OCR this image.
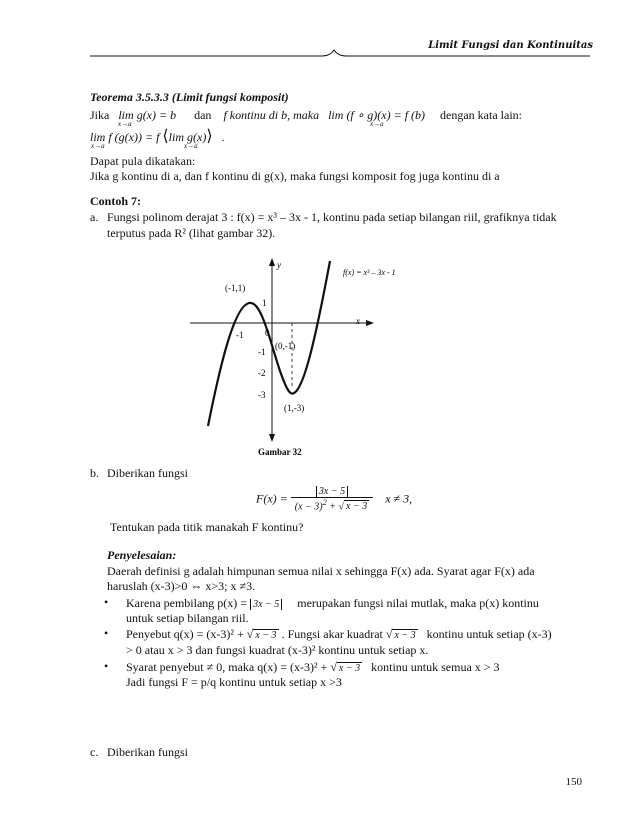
Limit Fungsi dan Kontinuitas
Teorema 3.5.3.3 (Limit fungsi komposit)
Jika lim g(x) = b dan f kontinu di b, maka lim (f ∘ g)(x) = f (b) dengan kata lain:
x→a	x→a
lim f (g(x)) = f ⟨lim g(x)⟩   .
x→a	x→a
Dapat pula dikatakan:
Jika g kontinu di a, dan f kontinu di g(x), maka fungsi komposit fog juga kontinu di a
Contoh 7:
a. Fungsi polinom derajat 3 : f(x) = x³ – 3x - 1, kontinu pada setiap bilangan riil, grafiknya tidak
terputus pada R² (lihat gambar 32).
y
x
f(x) = x³ – 3x - 1
(-1,1)
(1,-3)
(0,-1)
1
-1 0
-1
-2
-3
Gambar 32
b. Diberikan fungsi
$F(x) = \frac{3x - 5}{(x - 3)^2 + √ x - 3}$ x ≠ 3,
Tentukan pada titik manakah F kontinu?
Penyelesaian:
Daerah definisi g adalah himpunan semua nilai x sehingga F(x) ada. Syarat agar F(x) ada
haruslah (x-3)>0 ⇔ x>3; x ≠3.
• Karena pembilang p(x) = 3x − 5 merupakan fungsi nilai mutlak, maka p(x) kontinu
untuk setiap bilangan riil.
• Penyebut q(x) = (x-3)² + √ x − 3 . Fungsi akar kuadrat √ x − 3 kontinu untuk setiap (x-3)
> 0 atau x > 3 dan fungsi kuadrat (x-3)² kontinu untuk setiap x.
• Syarat penyebut ≠ 0, maka q(x) = (x-3)² + √ x − 3 kontinu untuk semua x > 3
Jadi fungsi F = p/q kontinu untuk setiap x >3
c. Diberikan fungsi
150
